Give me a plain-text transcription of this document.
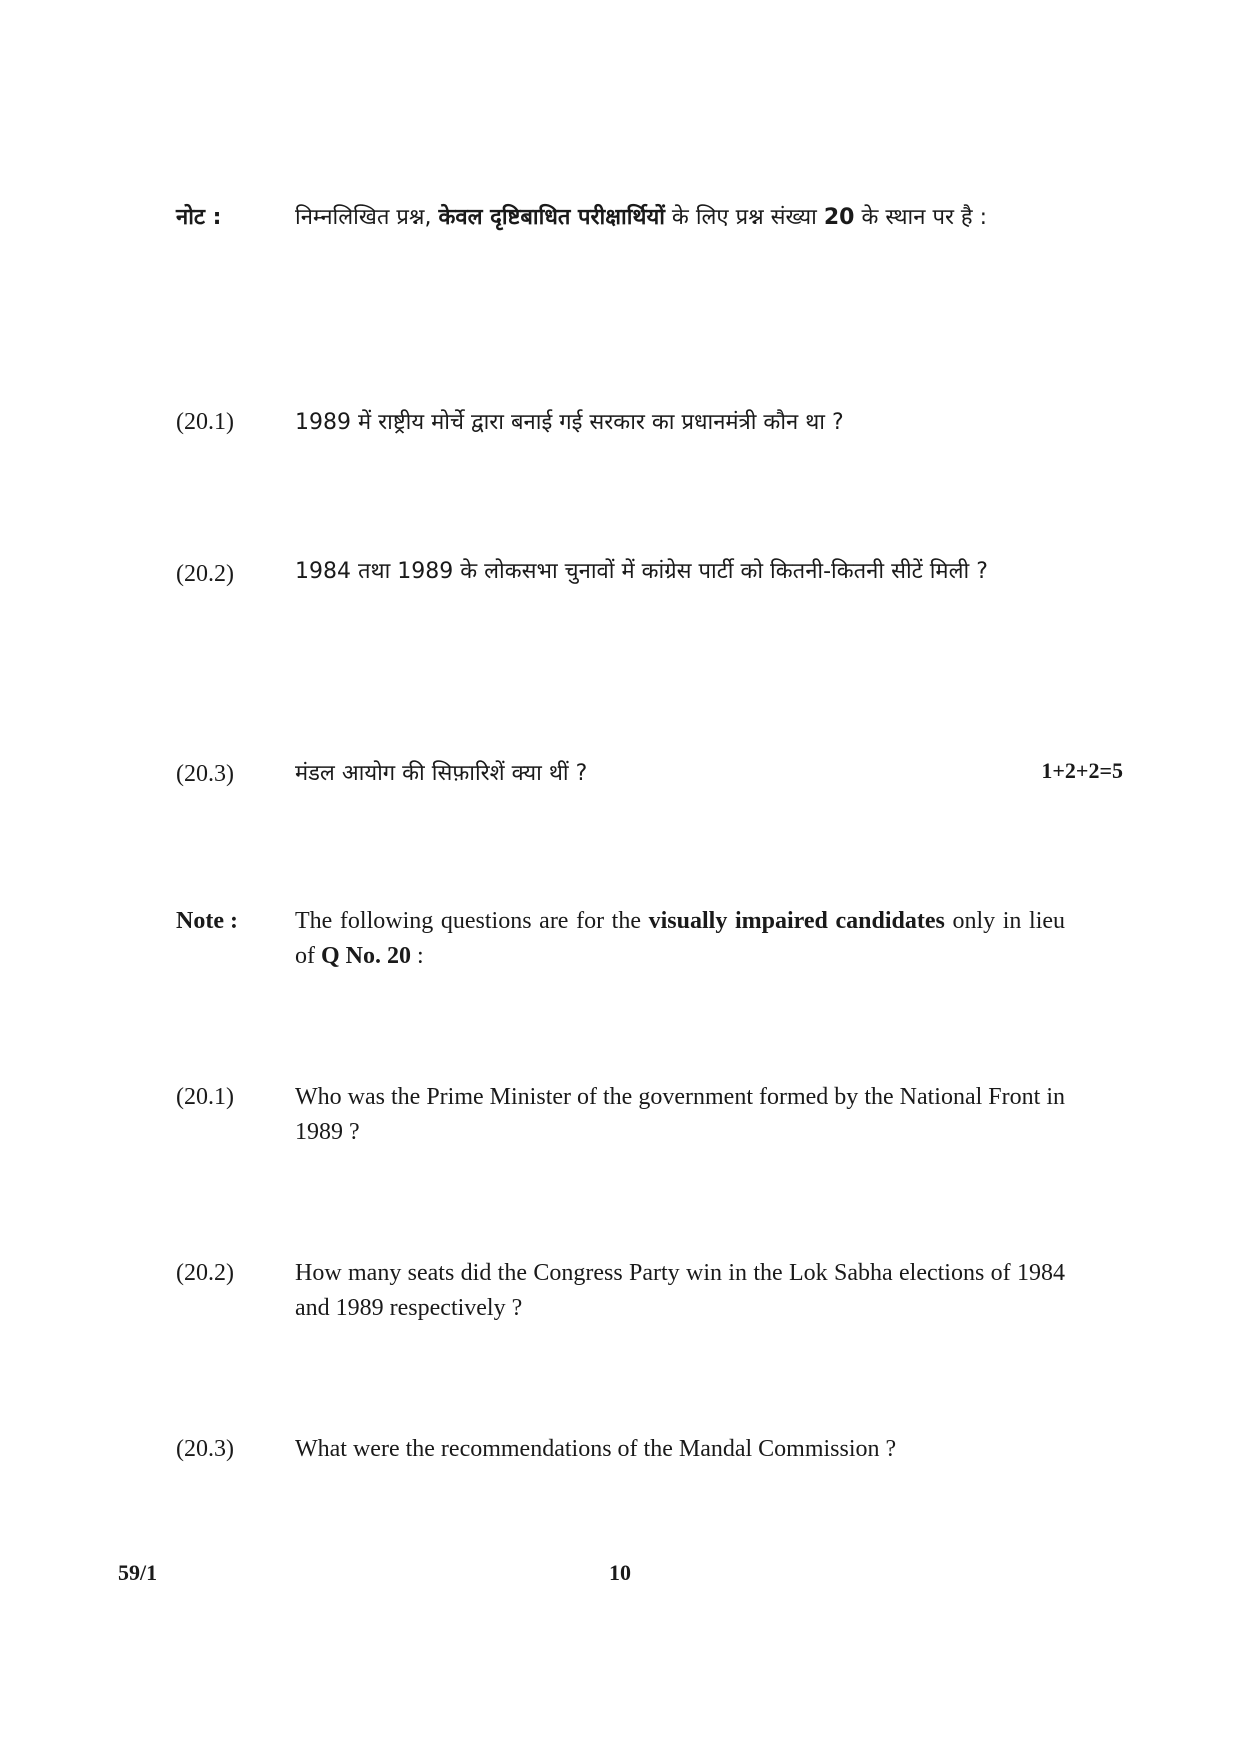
नोट :	निम्नलिखित प्रश्न, केवल दृष्टिबाधित परीक्षार्थियों के लिए प्रश्न संख्या 20 के स्थान पर है :
(20.1)	1989 में राष्ट्रीय मोर्चे द्वारा बनाई गई सरकार का प्रधानमंत्री कौन था ?
(20.2)	1984 तथा 1989 के लोकसभा चुनावों में कांग्रेस पार्टी को कितनी-कितनी सीटें मिली ?
(20.3)	मंडल आयोग की सिफ़ारिशें क्या थीं ?	1+2+2=5
Note : The following questions are for the visually impaired candidates only in lieu of Q No. 20 :
(20.1)	Who was the Prime Minister of the government formed by the National Front in 1989 ?
(20.2)	How many seats did the Congress Party win in the Lok Sabha elections of 1984 and 1989 respectively ?
(20.3)	What were the recommendations of the Mandal Commission ?
59/1	10
